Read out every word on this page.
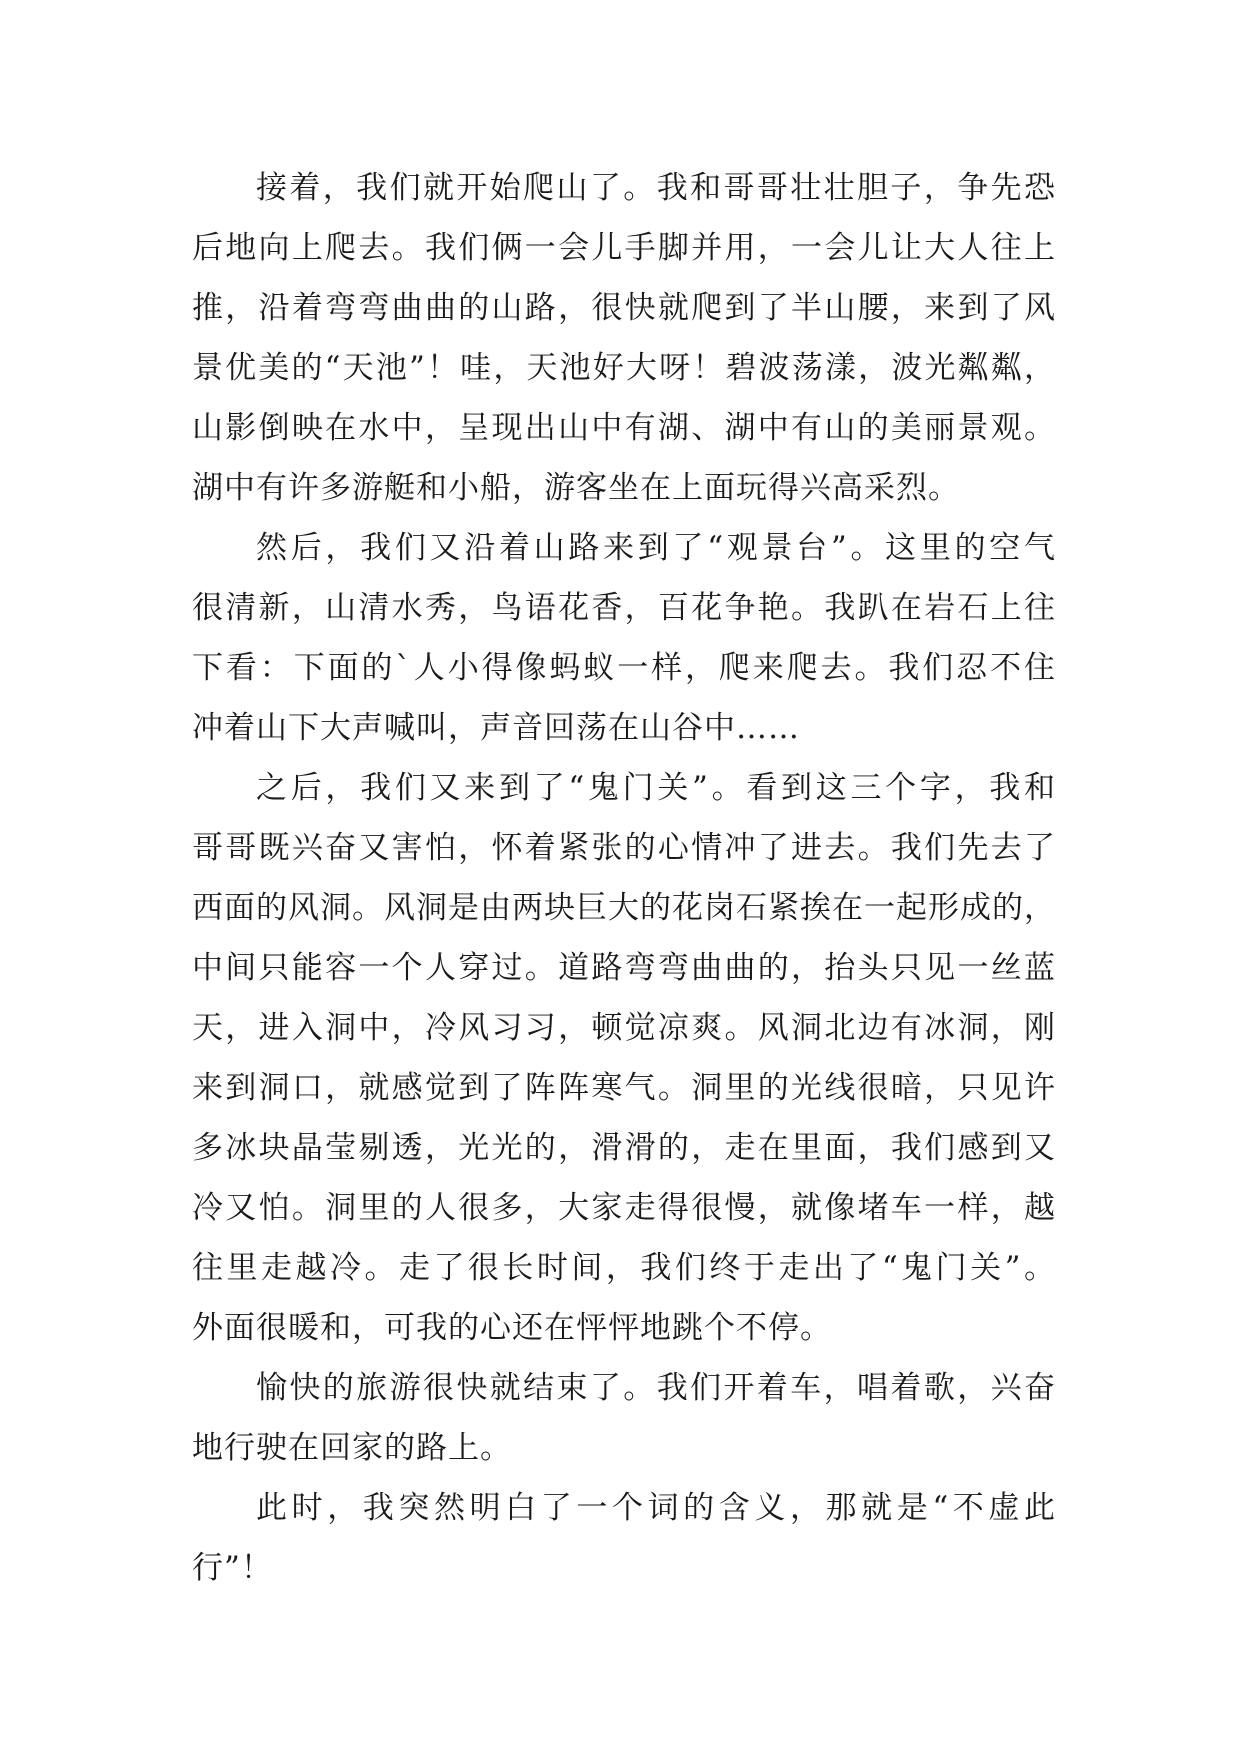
接着，我们就开始爬山了。我和哥哥壮壮胆子，争先恐
后地向上爬去。我们俩一会儿手脚并用，一会儿让大人往上
推，沿着弯弯曲曲的山路，很快就爬到了半山腰，来到了风
景优美的“天池”！哇，天池好大呀！碧波荡漾，波光粼粼，
山影倒映在水中，呈现出山中有湖、湖中有山的美丽景观。
湖中有许多游艇和小船，游客坐在上面玩得兴高采烈。

然后，我们又沿着山路来到了“观景台”。这里的空气
很清新，山清水秀，鸟语花香，百花争艳。我趴在岩石上往
下看：下面的`人小得像蚂蚁一样，爬来爬去。我们忍不住
冲着山下大声喊叫，声音回荡在山谷中……

之后，我们又来到了“鬼门关”。看到这三个字，我和
哥哥既兴奋又害怕，怀着紧张的心情冲了进去。我们先去了
西面的风洞。风洞是由两块巨大的花岗石紧挨在一起形成的，
中间只能容一个人穿过。道路弯弯曲曲的，抬头只见一丝蓝
天，进入洞中，冷风习习，顿觉凉爽。风洞北边有冰洞，刚
来到洞口，就感觉到了阵阵寒气。洞里的光线很暗，只见许
多冰块晶莹剔透，光光的，滑滑的，走在里面，我们感到又
冷又怕。洞里的人很多，大家走得很慢，就像堵车一样，越
往里走越冷。走了很长时间，我们终于走出了“鬼门关”。
外面很暖和，可我的心还在怦怦地跳个不停。

愉快的旅游很快就结束了。我们开着车，唱着歌，兴奋
地行驶在回家的路上。

此时，我突然明白了一个词的含义，那就是“不虚此
行”！
